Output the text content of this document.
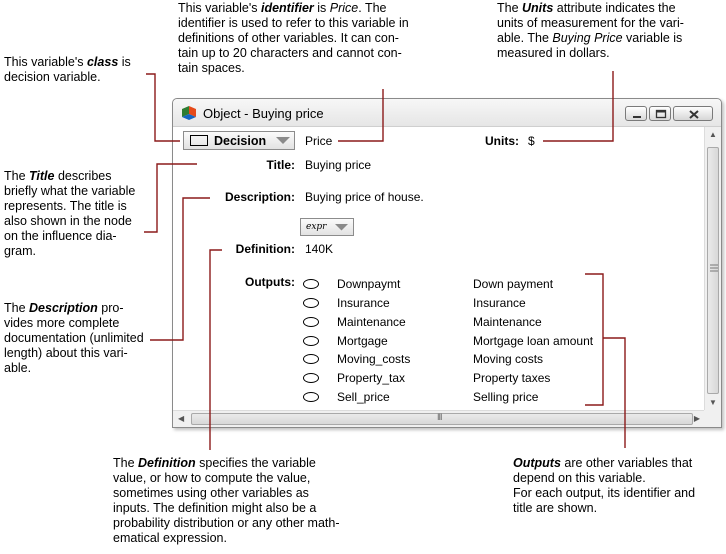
This variable's class is
decision variable.
This variable's identifier is Price. The
identifier is used to refer to this variable in
definitions of other variables. It can con-
tain up to 20 characters and cannot con-
tain spaces.
The Units attribute indicates the
units of measurement for the vari-
able. The Buying Price variable is
measured in dollars.
The Title describes
briefly what the variable
represents. The title is
also shown in the node
on the influence dia-
gram.
The Description pro-
vides more complete
documentation (unlimited
length) about this vari-
able.
The Definition specifies the variable
value, or how to compute the value,
sometimes using other variables as
inputs. The definition might also be a
probability distribution or any other math-
ematical expression.
Outputs are other variables that
depend on this variable.
For each output, its identifier and
title are shown.
Object - Buying price
Decision	Price	Units: $
Title: Buying price
Description: Buying price of house.
expr
Definition: 140K
Outputs:	Downpaymt	Down payment
Insurance	Insurance
Maintenance	Maintenance
Mortgage	Mortgage loan amount
Moving_costs	Moving costs
Property_tax	Property taxes
Sell_price	Selling price
▲
▼
◀	III	▶
